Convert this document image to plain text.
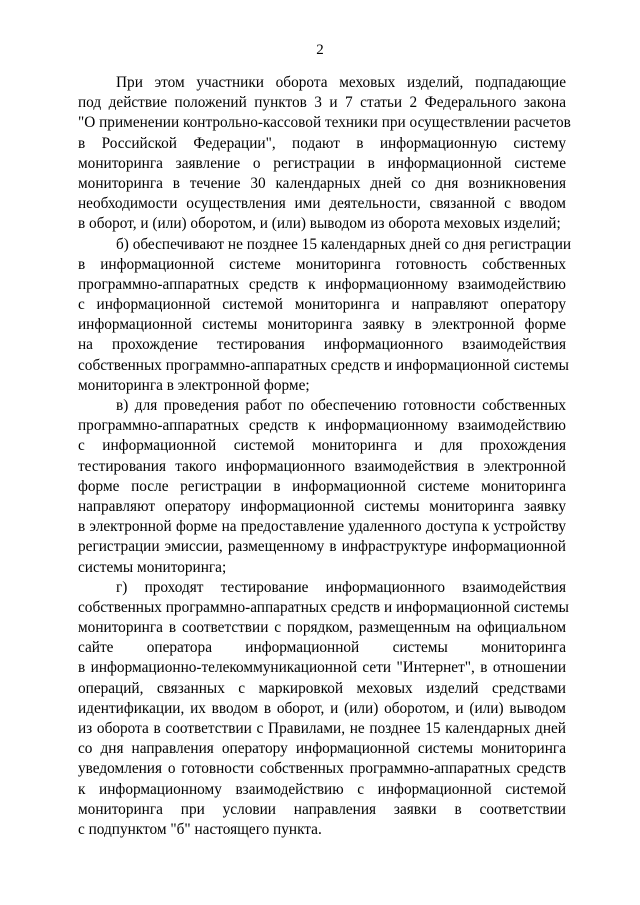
2

При этом участники оборота меховых изделий, подпадающие
под действие положений пунктов 3 и 7 статьи 2 Федерального закона
"О применении контрольно-кассовой техники при осуществлении расчетов
в Российской Федерации", подают в информационную систему
мониторинга заявление о регистрации в информационной системе
мониторинга в течение 30 календарных дней со дня возникновения
необходимости осуществления ими деятельности, связанной с вводом
в оборот, и (или) оборотом, и (или) выводом из оборота меховых изделий;

б) обеспечивают не позднее 15 календарных дней со дня регистрации
в информационной системе мониторинга готовность собственных
программно-аппаратных средств к информационному взаимодействию
с информационной системой мониторинга и направляют оператору
информационной системы мониторинга заявку в электронной форме
на прохождение тестирования информационного взаимодействия
собственных программно-аппаратных средств и информационной системы
мониторинга в электронной форме;

в) для проведения работ по обеспечению готовности собственных
программно-аппаратных средств к информационному взаимодействию
с информационной системой мониторинга и для прохождения
тестирования такого информационного взаимодействия в электронной
форме после регистрации в информационной системе мониторинга
направляют оператору информационной системы мониторинга заявку
в электронной форме на предоставление удаленного доступа к устройству
регистрации эмиссии, размещенному в инфраструктуре информационной
системы мониторинга;

г) проходят тестирование информационного взаимодействия
собственных программно-аппаратных средств и информационной системы
мониторинга в соответствии с порядком, размещенным на официальном
сайте оператора информационной системы мониторинга
в информационно-телекоммуникационной сети "Интернет", в отношении
операций, связанных с маркировкой меховых изделий средствами
идентификации, их вводом в оборот, и (или) оборотом, и (или) выводом
из оборота в соответствии с Правилами, не позднее 15 календарных дней
со дня направления оператору информационной системы мониторинга
уведомления о готовности собственных программно-аппаратных средств
к информационному взаимодействию с информационной системой
мониторинга при условии направления заявки в соответствии
с подпунктом "б" настоящего пункта.
